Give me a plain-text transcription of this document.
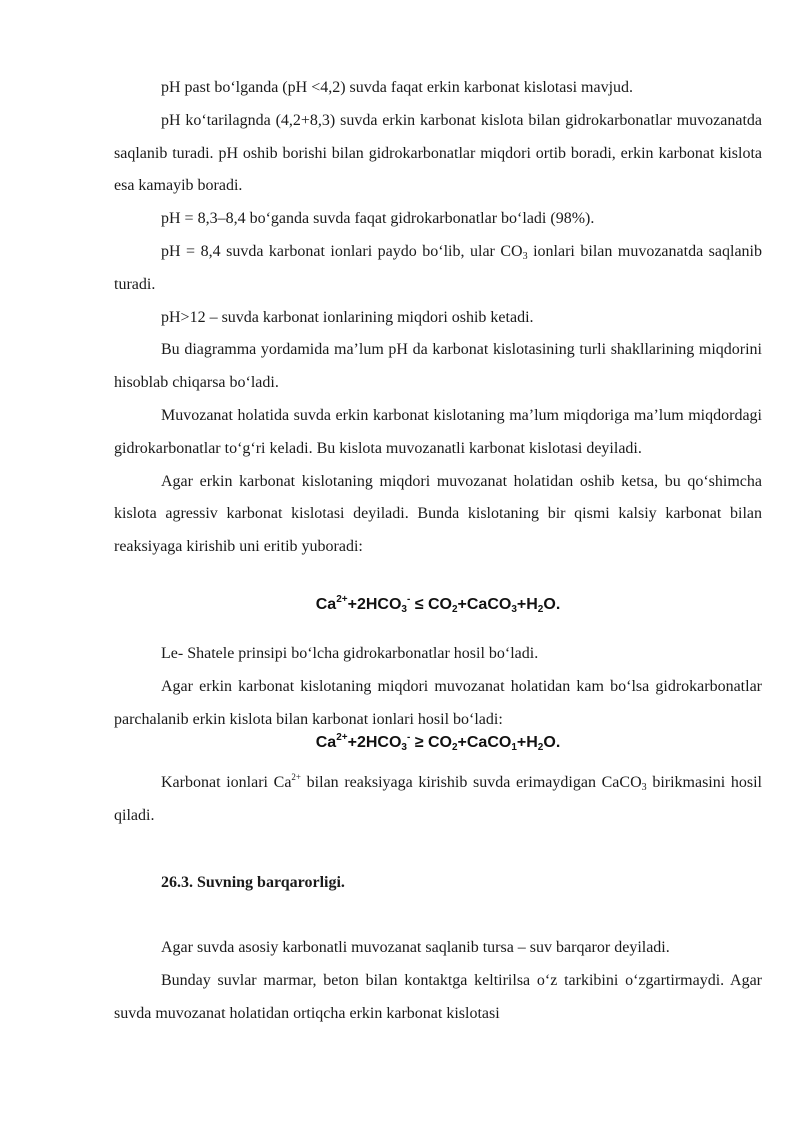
pH past bo‘lganda (pH <4,2) suvda faqat erkin karbonat kislotasi mavjud.

pH ko‘tarilagnda (4,2+8,3) suvda erkin karbonat kislota bilan gidrokarbonatlar muvozanatda saqlanib turadi. pH oshib borishi bilan gidrokarbonatlar miqdori ortib boradi, erkin karbonat kislota esa kamayib boradi.

pH = 8,3–8,4 bo‘ganda suvda faqat gidrokarbonatlar bo‘ladi (98%).

pH = 8,4 suvda karbonat ionlari paydo bo‘lib, ular $CO_3$ ionlari bilan muvozanatda saqlanib turadi.

pH>12 – suvda karbonat ionlarining miqdori oshib ketadi.

Bu diagramma yordamida ma’lum pH da karbonat kislotasining turli shakllarining miqdorini hisoblab chiqarsa bo‘ladi.

Muvozanat holatida suvda erkin karbonat kislotaning ma’lum miqdoriga ma’lum miqdordagi gidrokarbonatlar to‘g‘ri keladi. Bu kislota muvozanatli karbonat kislotasi deyiladi.

Agar erkin karbonat kislotaning miqdori muvozanat holatidan oshib ketsa, bu qo‘shimcha kislota agressiv karbonat kislotasi deyiladi. Bunda kislotaning bir qismi kalsiy karbonat bilan reaksiyaga kirishib uni eritib yuboradi:

$Ca^{2+}+2HCO_3^-$ ≤ $CO_2+CaCO_3+H_2O$.

Le- Shatele prinsipi bo‘lcha gidrokarbonatlar hosil bo‘ladi.

Agar erkin karbonat kislotaning miqdori muvozanat holatidan kam bo‘lsa gidrokarbonatlar parchalanib erkin kislota bilan karbonat ionlari hosil bo‘ladi:

$Ca^{2+}+2HCO_3^-$ ≥ $CO_2+CaCO_1+H_2O$.

Karbonat ionlari $Ca^{2+}$ bilan reaksiyaga kirishib suvda erimaydigan CaCO$_3$ birikmasini hosil qiladi.

26.3. Suvning barqarorligi.

Agar suvda asosiy karbonatli muvozanat saqlanib tursa – suv barqaror deyiladi.

Bunday suvlar marmar, beton bilan kontaktga keltirilsa o‘z tarkibini o‘zgartirmaydi. Agar suvda muvozanat holatidan ortiqcha erkin karbonat kislotasi
